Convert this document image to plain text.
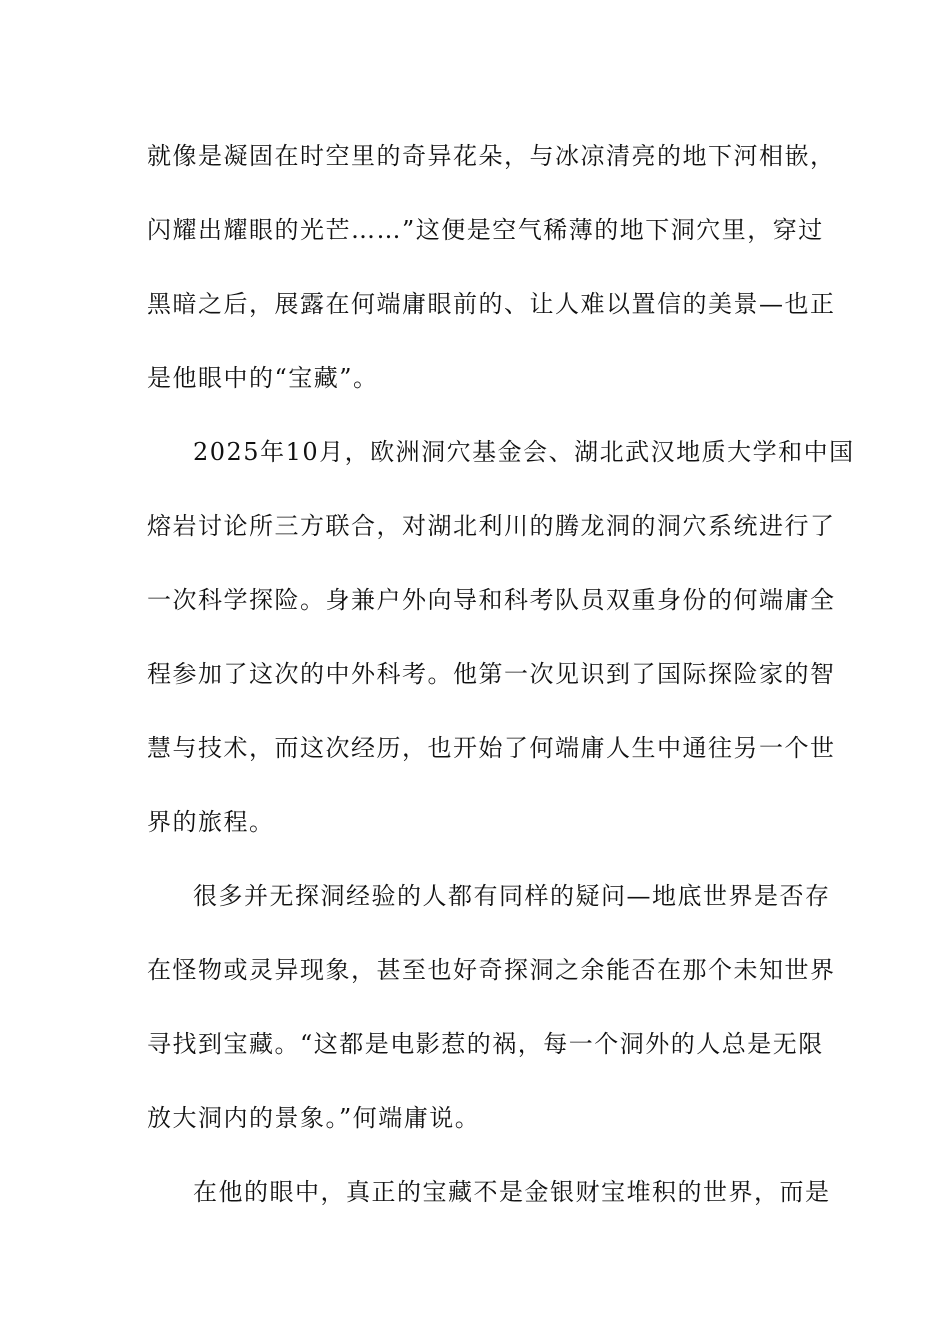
就像是凝固在时空里的奇异花朵，与冰凉清亮的地下河相嵌，
闪耀出耀眼的光芒……”这便是空气稀薄的地下洞穴里，穿过
黑暗之后，展露在何端庸眼前的、让人难以置信的美景—也正
是他眼中的“宝藏”。
2025年10月，欧洲洞穴基金会、湖北武汉地质大学和中国
熔岩讨论所三方联合，对湖北利川的腾龙洞的洞穴系统进行了
一次科学探险。身兼户外向导和科考队员双重身份的何端庸全
程参加了这次的中外科考。他第一次见识到了国际探险家的智
慧与技术，而这次经历，也开始了何端庸人生中通往另一个世
界的旅程。
很多并无探洞经验的人都有同样的疑问—地底世界是否存
在怪物或灵异现象，甚至也好奇探洞之余能否在那个未知世界
寻找到宝藏。“这都是电影惹的祸，每一个洞外的人总是无限
放大洞内的景象。”何端庸说。
在他的眼中，真正的宝藏不是金银财宝堆积的世界，而是
